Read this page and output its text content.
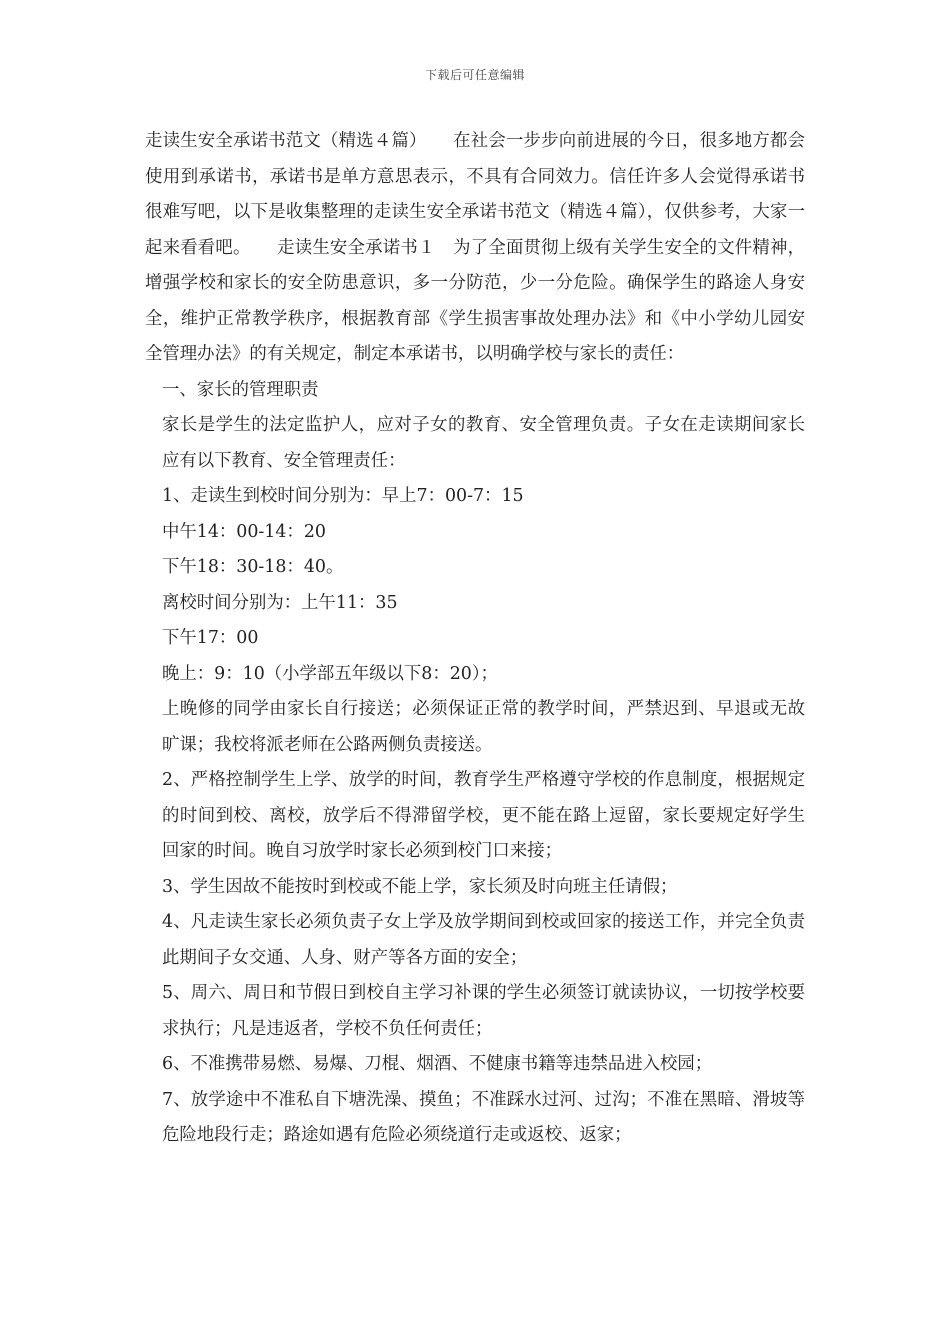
下载后可任意编辑

走读生安全承诺书范文（精选４篇）　　在社会一步步向前进展的今日，很多地方都会使用到承诺书，承诺书是单方意思表示，不具有合同效力。信任许多人会觉得承诺书很难写吧，以下是收集整理的走读生安全承诺书范文（精选４篇），仅供参考，大家一起来看看吧。　　走读生安全承诺书１　为了全面贯彻上级有关学生安全的文件精神，增强学校和家长的安全防患意识，多一分防范，少一分危险。确保学生的路途人身安全，维护正常教学秩序，根据教育部《学生损害事故处理办法》和《中小学幼儿园安全管理办法》的有关规定，制定本承诺书，以明确学校与家长的责任：

一、家长的管理职责

家长是学生的法定监护人，应对子女的教育、安全管理负责。子女在走读期间家长应有以下教育、安全管理责任：

1、走读生到校时间分别为：早上7：00-7：15

中午14：00-14：20

下午18：30-18：40。

离校时间分别为：上午11：35

下午17：00

晚上：9：10（小学部五年级以下8：20）；

上晚修的同学由家长自行接送；必须保证正常的教学时间，严禁迟到、早退或无故旷课；我校将派老师在公路两侧负责接送。

2、严格控制学生上学、放学的时间，教育学生严格遵守学校的作息制度，根据规定的时间到校、离校，放学后不得滞留学校，更不能在路上逗留，家长要规定好学生回家的时间。晚自习放学时家长必须到校门口来接；

3、学生因故不能按时到校或不能上学，家长须及时向班主任请假；

4、凡走读生家长必须负责子女上学及放学期间到校或回家的接送工作，并完全负责此期间子女交通、人身、财产等各方面的安全；

5、周六、周日和节假日到校自主学习补课的学生必须签订就读协议，一切按学校要求执行；凡是违返者，学校不负任何责任；

6、不准携带易燃、易爆、刀棍、烟酒、不健康书籍等违禁品进入校园；

7、放学途中不准私自下塘洗澡、摸鱼；不准踩水过河、过沟；不准在黑暗、滑坡等危险地段行走；路途如遇有危险必须绕道行走或返校、返家；
